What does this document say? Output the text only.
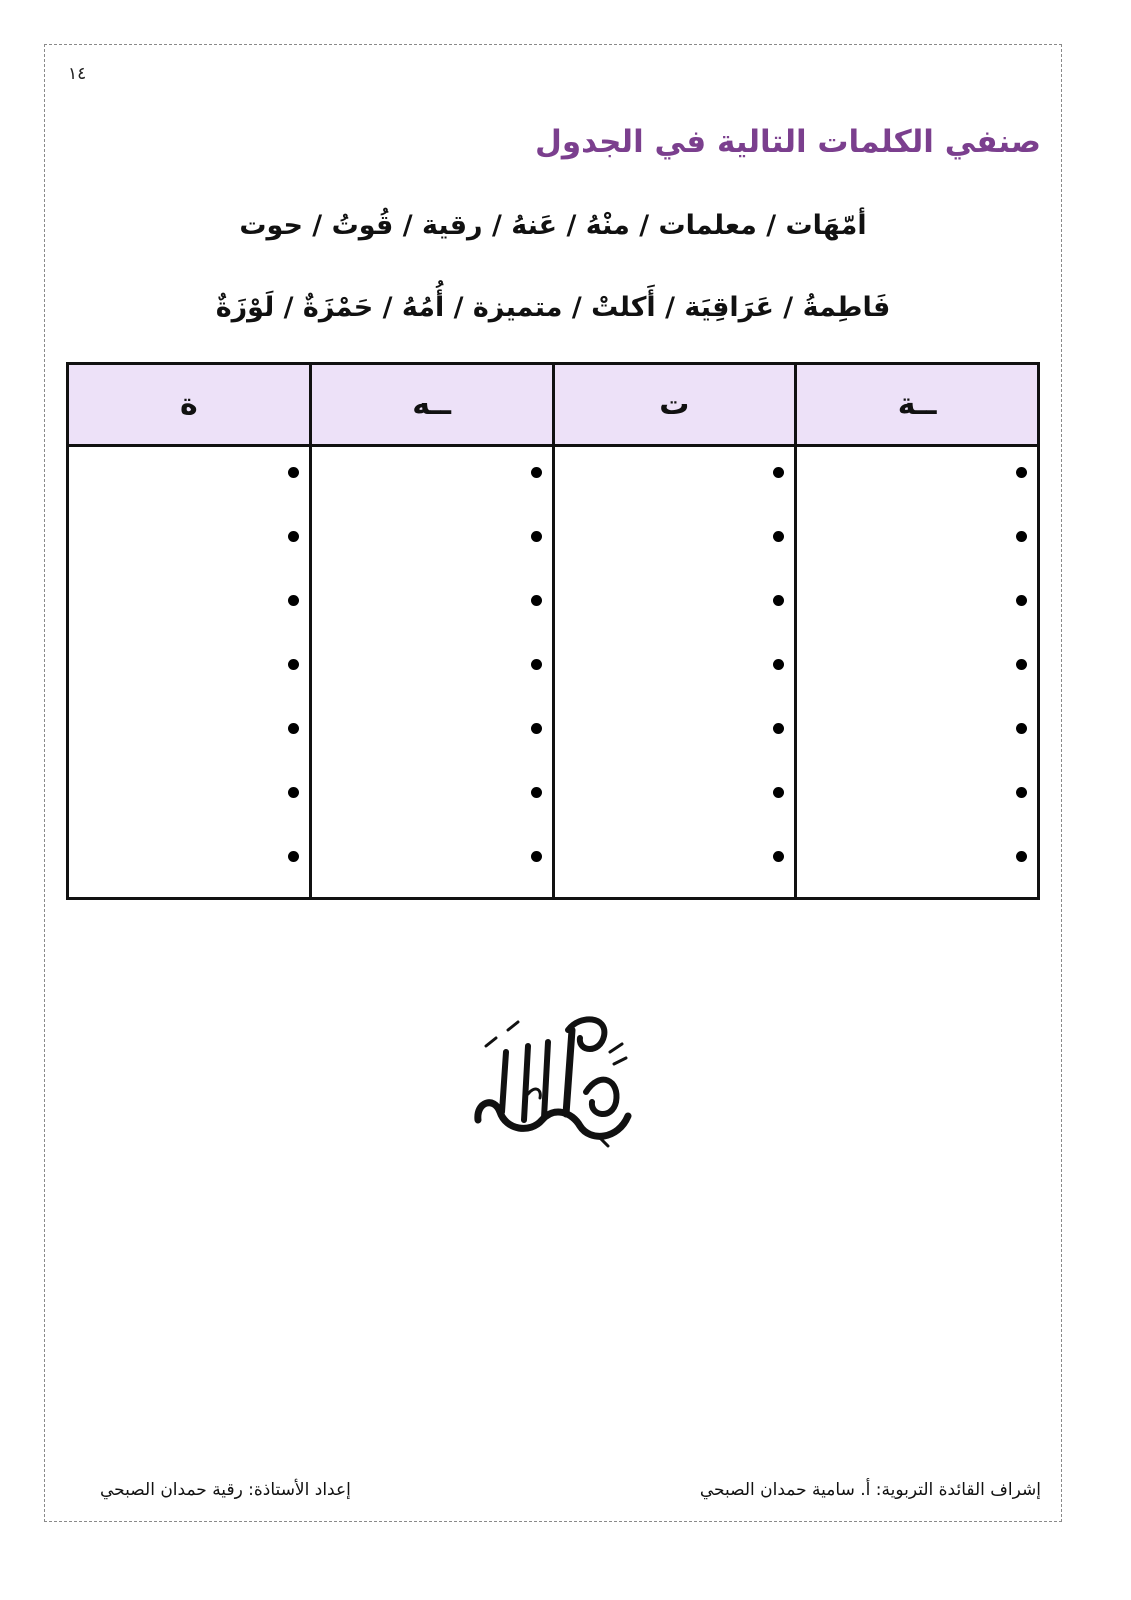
١٤
صنفي الكلمات التالية في الجدول
أمّهَات / معلمات / منْهُ / عَنهُ / رقية / قُوتُ / حوت
فَاطِمةُ / عَرَاقِيَة / أَكلتْ / متميزة / أُمُهُ / حَمْزَةٌ / لَوْزَةٌ
ــة	ت	ــه	ة

إشراف القائدة التربوية: أ. سامية حمدان الصبحي
إعداد الأستاذة: رقية حمدان الصبحي
